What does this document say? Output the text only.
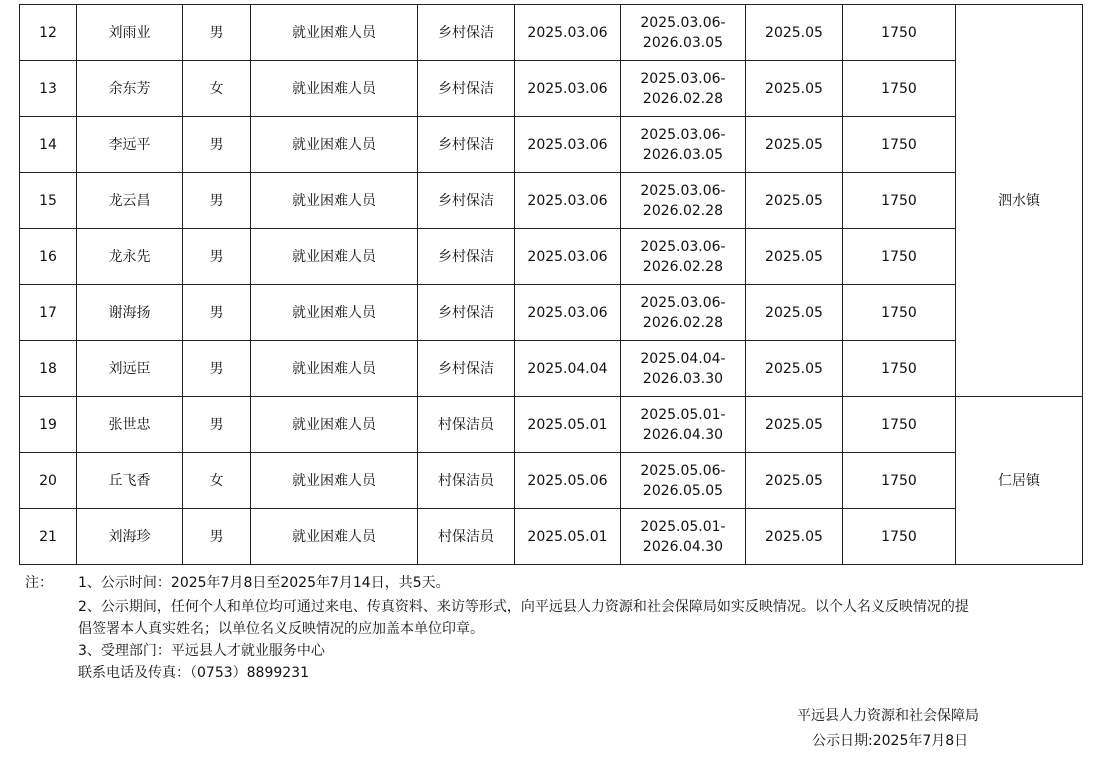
12	刘雨业	男	就业困难人员	乡村保洁	2025.03.06	2025.03.06-
2026.03.05	2025.05	1750	泗水镇
13	余东芳	女	就业困难人员	乡村保洁	2025.03.06	2025.03.06-
2026.02.28	2025.05	1750	
14	李远平	男	就业困难人员	乡村保洁	2025.03.06	2025.03.06-
2026.03.05	2025.05	1750	
15	龙云昌	男	就业困难人员	乡村保洁	2025.03.06	2025.03.06-
2026.02.28	2025.05	1750	
16	龙永先	男	就业困难人员	乡村保洁	2025.03.06	2025.03.06-
2026.02.28	2025.05	1750	
17	谢海扬	男	就业困难人员	乡村保洁	2025.03.06	2025.03.06-
2026.02.28	2025.05	1750	
18	刘远臣	男	就业困难人员	乡村保洁	2025.04.04	2025.04.04-
2026.03.30	2025.05	1750	
19	张世忠	男	就业困难人员	村保洁员	2025.05.01	2025.05.01-
2026.04.30	2025.05	1750	仁居镇
20	丘飞香	女	就业困难人员	村保洁员	2025.05.06	2025.05.06-
2026.05.05	2025.05	1750	
21	刘海珍	男	就业困难人员	村保洁员	2025.05.01	2025.05.01-
2026.04.30	2025.05	1750	
注： 1、公示时间：2025年7月8日至2025年7月14日，共5天。
2、公示期间，任何个人和单位均可通过来电、传真资料、来访等形式，向平远县人力资源和社会保障局如实反映情况。以个人名义反映情况的提
倡签署本人真实姓名；以单位名义反映情况的应加盖本单位印章。
3、受理部门：平远县人才就业服务中心
联系电话及传真：（0753）8899231
平远县人力资源和社会保障局
公示日期:2025年7月8日
